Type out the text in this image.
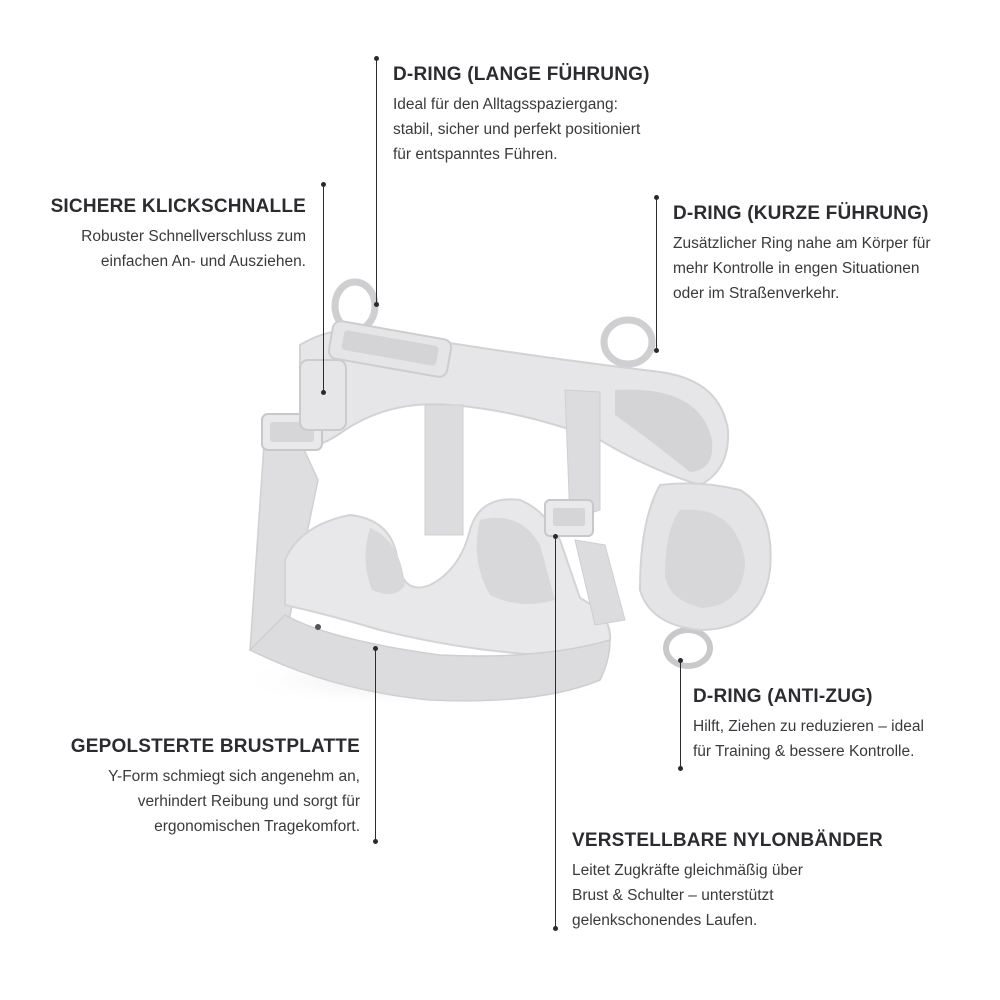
D-RING (LANGE FÜHRUNG)

Ideal für den Alltagsspaziergang:

stabil, sicher und perfekt positioniert

für entspanntes Führen.

SICHERE KLICKSCHNALLE

Robuster Schnellverschluss zum

einfachen An- und Ausziehen.

D-RING (KURZE FÜHRUNG)

Zusätzlicher Ring nahe am Körper für

mehr Kontrolle in engen Situationen

oder im Straßenverkehr.

D-RING (ANTI-ZUG)

Hilft, Ziehen zu reduzieren – ideal

für Training & bessere Kontrolle.

GEPOLSTERTE BRUSTPLATTE

Y-Form schmiegt sich angenehm an,

verhindert Reibung und sorgt für

ergonomischen Tragekomfort.

VERSTELLBARE NYLONBÄNDER

Leitet Zugkräfte gleichmäßig über

Brust & Schulter – unterstützt

gelenkschonendes Laufen.
